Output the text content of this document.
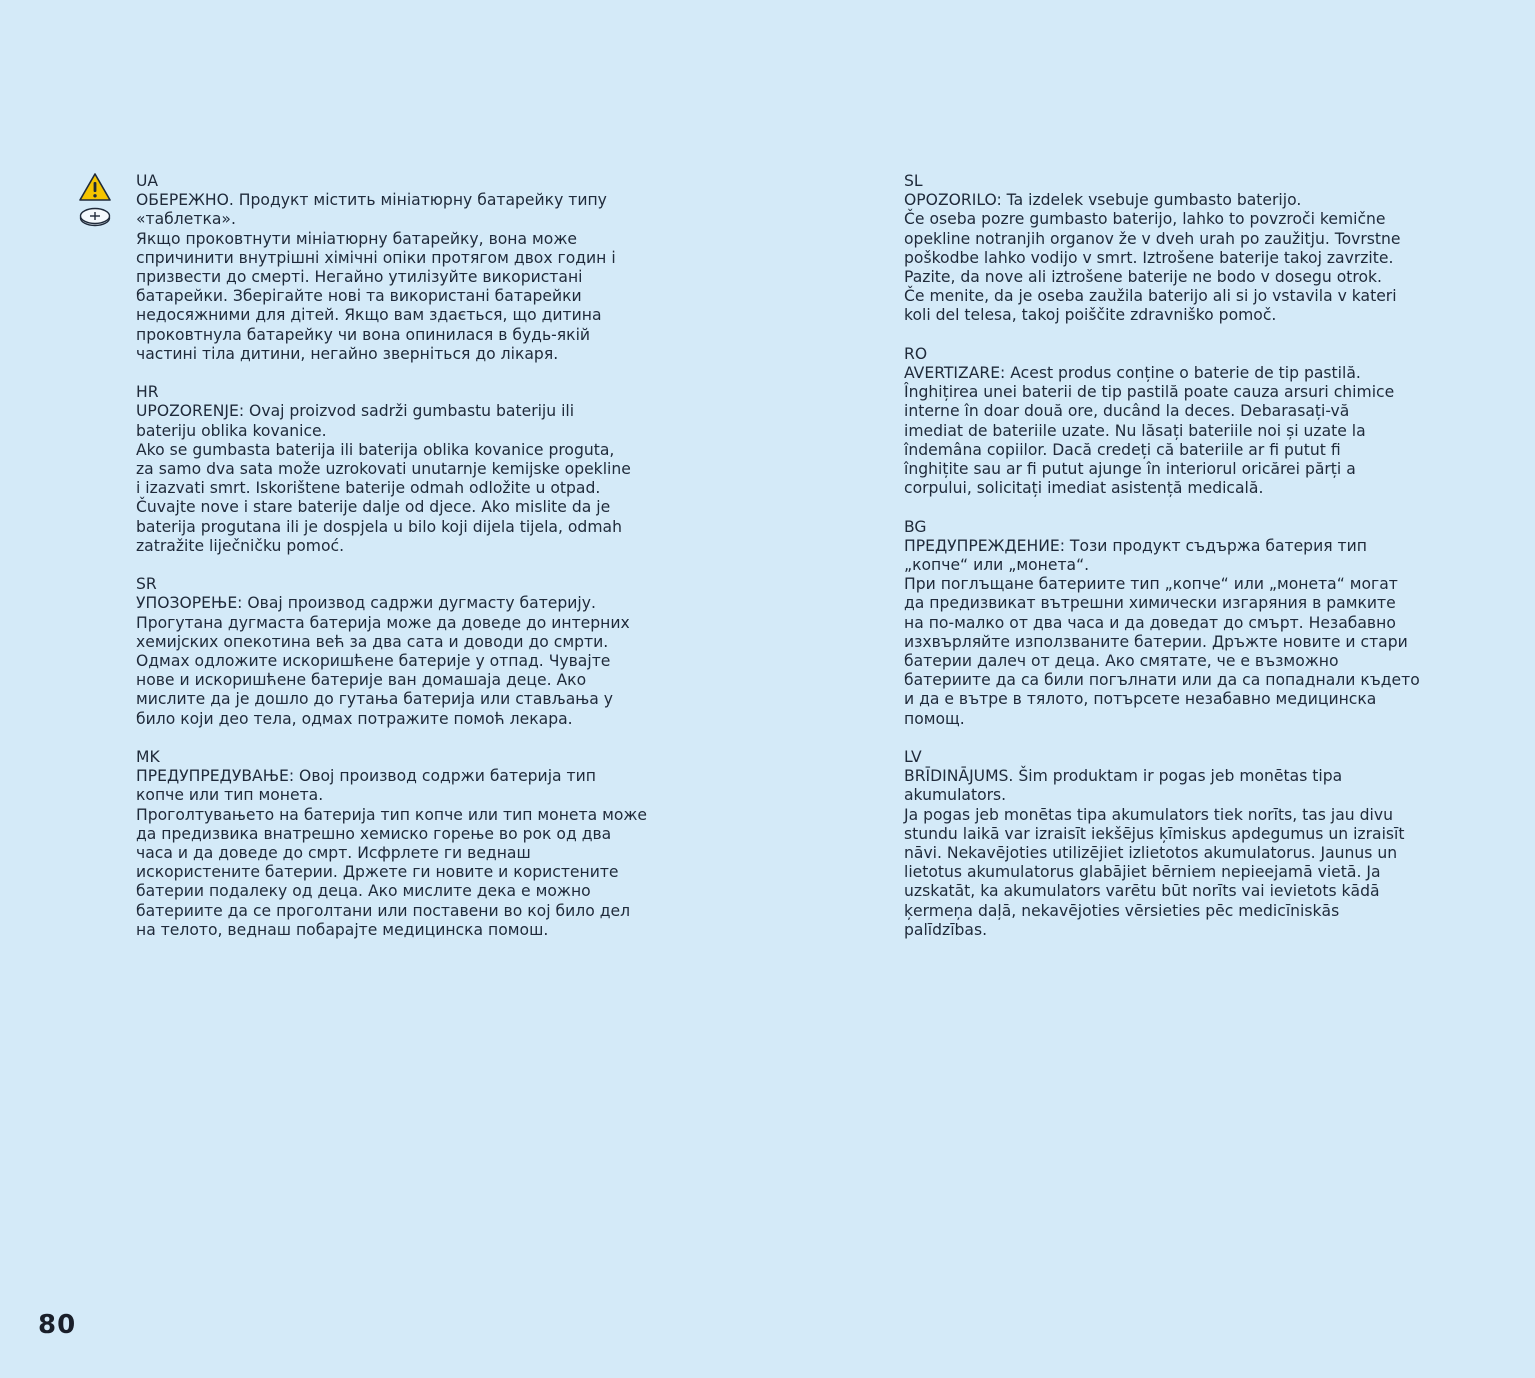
UA
ОБЕРЕЖНО. Продукт містить мініатюрну батарейку типу
«таблетка».
Якщо проковтнути мініатюрну батарейку, вона може
спричинити внутрішні хімічні опіки протягом двох годин і
призвести до смерті. Негайно утилізуйте використані
батарейки. Зберігайте нові та використані батарейки
недосяжними для дітей. Якщо вам здається, що дитина
проковтнула батарейку чи вона опинилася в будь-якій
частині тіла дитини, негайно зверніться до лікаря.

HR
UPOZORENJE: Ovaj proizvod sadrži gumbastu bateriju ili
bateriju oblika kovanice.
Ako se gumbasta baterija ili baterija oblika kovanice proguta,
za samo dva sata može uzrokovati unutarnje kemijske opekline
i izazvati smrt. Iskorištene baterije odmah odložite u otpad.
Čuvajte nove i stare baterije dalje od djece. Ako mislite da je
baterija progutana ili je dospjela u bilo koji dijela tijela, odmah
zatražite liječničku pomoć.

SR
УПОЗОРЕЊЕ: Овај производ садржи дугмасту батерију.
Прогутана дугмаста батерија може да доведе до интерних
хемијских опекотина већ за два сата и доводи до смрти.
Одмах одложите искоришћене батерије у отпад. Чувајте
нове и искоришћене батерије ван домашаја деце. Ако
мислите да је дошло до гутања батерија или стављања у
било који део тела, одмах потражите помоћ лекара.

MK
ПРЕДУПРЕДУВАЊЕ: Овој производ содржи батерија тип
копче или тип монета.
Проголтувањето на батерија тип копче или тип монета може
да предизвика внатрешно хемиско горење во рок од два
часа и да доведе до смрт. Исфрлете ги веднаш
искористените батерии. Држете ги новите и користените
батерии подалеку од деца. Ако мислите дека е можно
батериите да се проголтани или поставени во кој било дел
на телото, веднаш побарајте медицинска помош.

SL
OPOZORILO: Ta izdelek vsebuje gumbasto baterijo.
Če oseba pozre gumbasto baterijo, lahko to povzroči kemične
opekline notranjih organov že v dveh urah po zaužitju. Tovrstne
poškodbe lahko vodijo v smrt. Iztrošene baterije takoj zavrzite.
Pazite, da nove ali iztrošene baterije ne bodo v dosegu otrok.
Če menite, da je oseba zaužila baterijo ali si jo vstavila v kateri
koli del telesa, takoj poiščite zdravniško pomoč.

RO
AVERTIZARE: Acest produs conține o baterie de tip pastilă.
Înghițirea unei baterii de tip pastilă poate cauza arsuri chimice
interne în doar două ore, ducând la deces. Debarasați-vă
imediat de bateriile uzate. Nu lăsați bateriile noi și uzate la
îndemâna copiilor. Dacă credeți că bateriile ar fi putut fi
înghițite sau ar fi putut ajunge în interiorul oricărei părți a
corpului, solicitați imediat asistență medicală.

BG
ПРЕДУПРЕЖДЕНИЕ: Този продукт съдържа батерия тип
„копче“ или „монета“.
При поглъщане батериите тип „копче“ или „монета“ могат
да предизвикат вътрешни химически изгаряния в рамките
на по-малко от два часа и да доведат до смърт. Незабавно
изхвърляйте използваните батерии. Дръжте новите и стари
батерии далеч от деца. Ако смятате, че е възможно
батериите да са били погълнати или да са попаднали където
и да е вътре в тялото, потърсете незабавно медицинска
помощ.

LV
BRĪDINĀJUMS. Šim produktam ir pogas jeb monētas tipa
akumulators.
Ja pogas jeb monētas tipa akumulators tiek norīts, tas jau divu
stundu laikā var izraisīt iekšējus ķīmiskus apdegumus un izraisīt
nāvi. Nekavējoties utilizējiet izlietotos akumulatorus. Jaunus un
lietotus akumulatorus glabājiet bērniem nepieejamā vietā. Ja
uzskatāt, ka akumulators varētu būt norīts vai ievietots kādā
ķermeņa daļā, nekavējoties vērsieties pēc medicīniskās
palīdzības.

80
